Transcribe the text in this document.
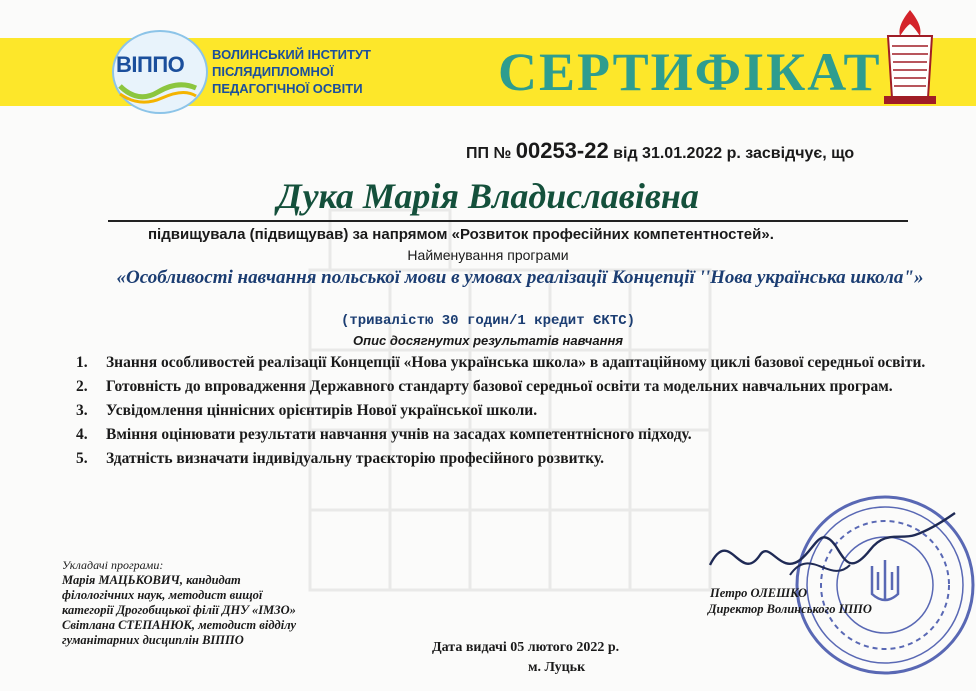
ВІППО ВОЛИНСЬКИЙ ІНСТИТУТ
ПІСЛЯДИПЛОМНОЇ
ПЕДАГОГІЧНОЇ ОСВІТИ	СЕРТИФІКАТ
ПП № 00253-22 від 31.01.2022 р. засвідчує, що
Дука Марія Владиславівна
підвищувала (підвищував) за напрямом «Розвиток професійних компетентностей».
Найменування програми
«Особливості навчання польської мови в умовах реалізації Концепції ''Нова українська школа"»
(тривалістю 30 годин/1 кредит ЄКТС)
Опис досягнутих результатів навчання
1. Знання особливостей реалізації Концепції «Нова українська школа» в адаптаційному циклі базової середньої освіти.
2. Готовність до впровадження Державного стандарту базової середньої освіти та модельних навчальних програм.
3. Усвідомлення ціннісних орієнтирів Нової української школи.
4. Вміння оцінювати результати навчання учнів на засадах компетентнісного підходу.
5. Здатність визначати індивідуальну траєкторію професійного розвитку.
Укладачі програми:
Марія МАЦЬКОВИЧ, кандидат
філологічних наук, методист вищої
категорії Дрогобицької філії ДНУ «ІМЗО»
Світлана СТЕПАНЮК, методист відділу
гуманітарних дисциплін ВІППО	Дата видачі 05 лютого 2022 р.
м. Луцьк
Петро ОЛЕШКО
Директор Волинського ІППО
